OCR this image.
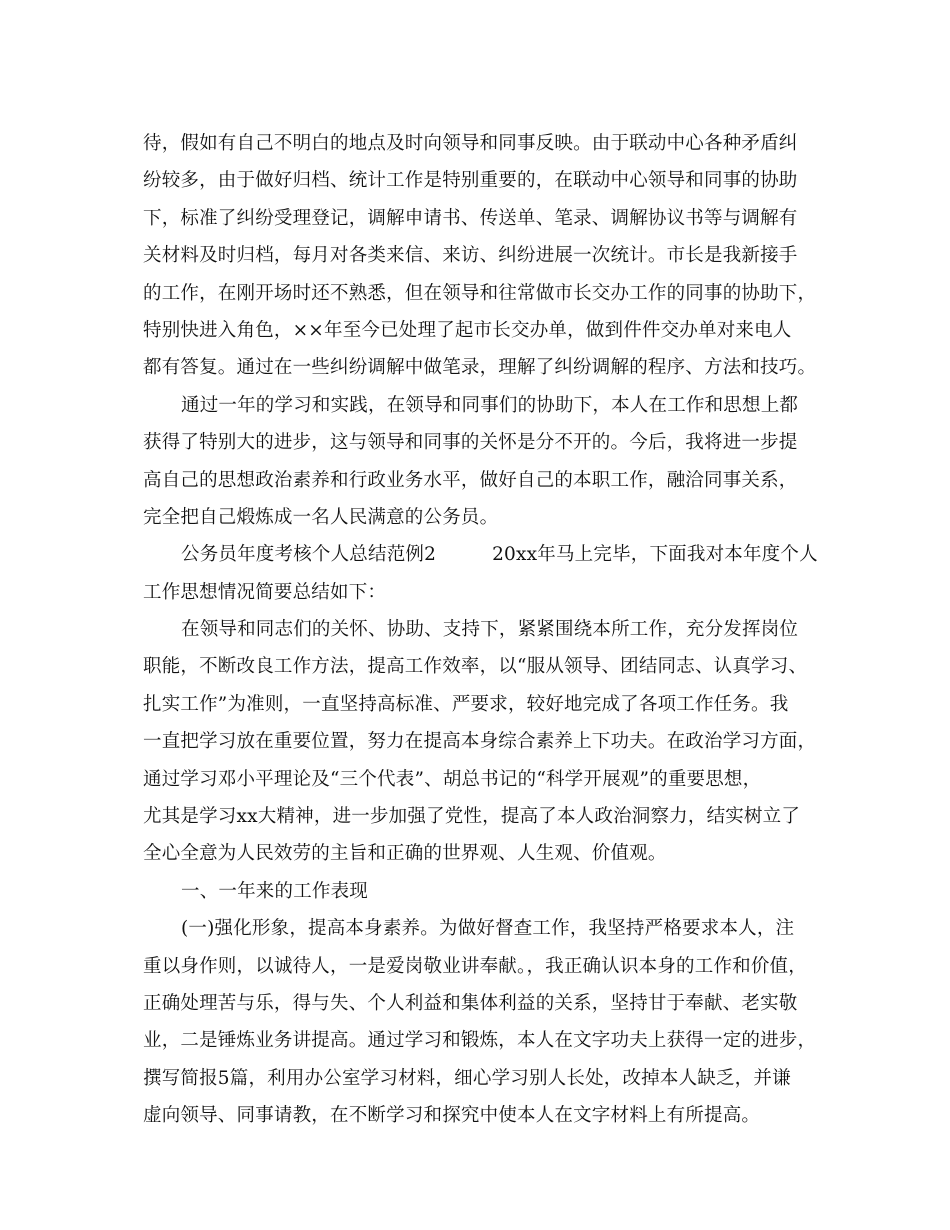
待，假如有自己不明白的地点及时向领导和同事反映。由于联动中心各种矛盾纠
纷较多，由于做好归档、统计工作是特别重要的，在联动中心领导和同事的协助
下，标准了纠纷受理登记，调解申请书、传送单、笔录、调解协议书等与调解有
关材料及时归档，每月对各类来信、来访、纠纷进展一次统计。市长是我新接手
的工作，在刚开场时还不熟悉，但在领导和往常做市长交办工作的同事的协助下，
特别快进入角色，××年至今已处理了起市长交办单，做到件件交办单对来电人
都有答复。通过在一些纠纷调解中做笔录，理解了纠纷调解的程序、方法和技巧。
通过一年的学习和实践，在领导和同事们的协助下，本人在工作和思想上都
获得了特别大的进步，这与领导和同事的关怀是分不开的。今后，我将进一步提
高自己的思想政治素养和行政业务水平，做好自己的本职工作，融洽同事关系，
完全把自己煅炼成一名人民满意的公务员。
公务员年度考核个人总结范例2	20xx年马上完毕，下面我对本年度个人
工作思想情况简要总结如下：
在领导和同志们的关怀、协助、支持下，紧紧围绕本所工作，充分发挥岗位
职能，不断改良工作方法，提高工作效率，以“服从领导、团结同志、认真学习、
扎实工作”为准则，一直坚持高标准、严要求，较好地完成了各项工作任务。我
一直把学习放在重要位置，努力在提高本身综合素养上下功夫。在政治学习方面，
通过学习邓小平理论及“三个代表”、胡总书记的“科学开展观”的重要思想，
尤其是学习xx大精神，进一步加强了党性，提高了本人政治洞察力，结实树立了
全心全意为人民效劳的主旨和正确的世界观、人生观、价值观。
一、一年来的工作表现
(一)强化形象，提高本身素养。为做好督查工作，我坚持严格要求本人，注
重以身作则，以诚待人，一是爱岗敬业讲奉献。，我正确认识本身的工作和价值，
正确处理苦与乐，得与失、个人利益和集体利益的关系，坚持甘于奉献、老实敬
业，二是锤炼业务讲提高。通过学习和锻炼，本人在文字功夫上获得一定的进步，
撰写简报5篇，利用办公室学习材料，细心学习别人长处，改掉本人缺乏，并谦
虚向领导、同事请教，在不断学习和探究中使本人在文字材料上有所提高。
